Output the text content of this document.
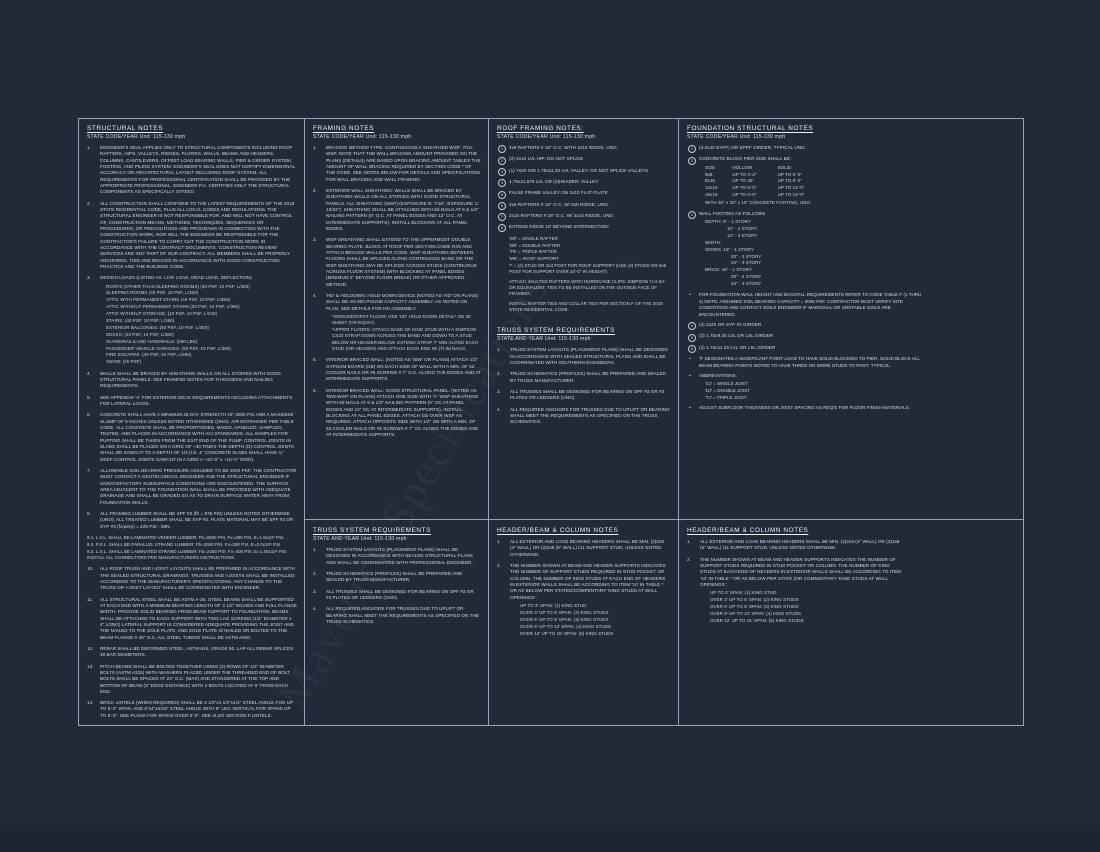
STRUCTURAL NOTES
STATE CODE/YEAR Und: 115-130 mph
ENGINEER'S SEAL APPLIES ONLY TO STRUCTURAL COMPONENTS INCLUDING ROOF RAFTERS, HIPS, VALLEYS, RIDGES, FLOORS, WALLS, BEAMS AND HEADERS, COLUMNS, CANTILEVERS, OFFSET LOAD BEARING WALLS, PIER & GIRDER SYSTEM, FOOTING, AND PILING SYSTEM. ENGINEER'S SEAL DOES NOT CERTIFY DIMENSIONAL ACCURACY OR ARCHITECTURAL LAYOUT INCLUDING ROOF SYSTEM. ALL REQUIREMENTS FOR PROFESSIONAL CERTIFICATION SHALL BE PROVIDED BY THE APPROPRIATE PROFESSIONAL. ENGINEER P.A. CERTIFIES ONLY THE STRUCTURAL COMPONENTS AS SPECIFICALLY STATED.
ALL CONSTRUCTION SHALL CONFORM TO THE LATEST REQUIREMENTS OF THE 2018 STATE RESIDENTIAL CODE, PLUS ALL LOCAL CODES AND REGULATIONS. THE STRUCTURAL ENGINEER IS NOT RESPONSIBLE FOR, AND WILL NOT HAVE CONTROL OF, CONSTRUCTION MEANS, METHODS, TECHNIQUES, SEQUENCES OR PROCEDURES, OR PRECAUTIONS AND PROGRAMS IN CONNECTION WITH THE CONSTRUCTION WORK, NOR WILL THE ENGINEER BE RESPONSIBLE FOR THE CONTRACTOR'S FAILURE TO CARRY OUT THE CONSTRUCTION WORK IN ACCORDANCE WITH THE CONTRACT DOCUMENTS. 'CONSTRUCTION REVIEW' SERVICES ARE NOT PART OF OUR CONTRACT. ALL MEMBERS SHALL BE PROPERLY ANCHORED, TIED AND BRACED IN ACCORDANCE WITH GOOD CONSTRUCTION PRACTICE AND THE BUILDING CODE.
DESIGN LOADS (LISTED AS: LIVE LOAD, DEAD LOAD, DEFLECTION)
ROOFS (OTHER THAN SLEEPING ROOMS) (40 PSF, 10 PSF, L/360)
SLEEPING ROOMS (30 PSF, 10 PSF, L/360)
ATTIC WITH PERMANENT STAIRS (40 PSF, 10 PSF, L/360)
ATTIC WITHOUT PERMANENT STAIRS (20 PSF, 10 PSF, L/360)
ATTIC WITHOUT STORAGE, (10 PSF, 10 PSF, L/240)
STAIRS: (40 PSF, 10 PSF, L/360)
EXTERIOR BALCONIES: (60 PSF, 10 PSF, L/360)
DECKS: (40 PSF, 10 PSF, L/360)
GUARDRAILS AND HANDRAILS: (200 LBS)
PASSENGER VEHICLE GARAGES: (50 PSF, 10 PSF, L/360)
FIRE ESCAPES: (40 PSF, 10 PSF, L/360)
SNOW: (20 PSF)
WALLS SHALL BE BRACED BY SHEATHING WALLS ON ALL STORIES WITH GOOD STRUCTURAL PANELS. SEE FRAMING NOTES FOR THICKNESS AND NAILING REQUIREMENTS.
SEE APPENDIX 'A' FOR EXTERIOR DECK REQUIREMENTS INCLUDING ATTACHMENTS FOR LATERAL LOADS.
CONCRETE SHALL HAVE A MINIMUM 28 DAY STRENGTH OF 3000 PSI AND A MAXIMUM SLUMP OF 5 INCHES UNLESS NOTED OTHERWISE (UNO). AIR ENTRAINED PER TABLE CODE. ALL CONCRETE SHALL BE PROPORTIONED, MIXED, HANDLED, SAMPLED, TESTED, AND PLACED IN ACCORDANCE WITH ACI STANDARDS. ALL SAMPLES FOR PUFFING SHALL BE TAKEN FROM THE EXIT END OF THE PUMP. CONTROL JOINTS IN SLABS SHALL BE PLACED ON A GRID OF ~30 TIMES THE DEPTH (D) CONTROL JOINTS SHALL BE SAWCUT TO A DEPTH OF 1/3 (I.E. 4" CONCRETE SLABS SHALL HAVE ¼" DEEP CONTROL JOINTS SAWCUT IN A GRID A ~10'-0" x ~10'-0" GRID).
ALLOWABLE SOIL BEARING PRESSURE ASSUMED TO BE 2000 PSF. THE CONTRACTOR MUST CONTACT A GEOTECHNICAL ENGINEER AND THE STRUCTURAL ENGINEER IF UNSATISFACTORY SUBSURFACE CONDITIONS ARE ENCOUNTERED. THE SURFACE AREA ADJACENT TO THE FOUNDATION WALL SHALL BE PROVIDED WITH ADEQUATE DRAINAGE AND SHALL BE GRADED SO AS TO DRAIN SURFACE WATER AWAY FROM FOUNDATION WALLS.
ALL FRAMING LUMBER SHALL BE SPF #2 (fb = 875 PSI) UNLESS NOTED OTHERWISE (UNO). ALL TREATED LUMBER SHALL BE SYP #2. PLATE MATERIAL MAY BE SPF #3 OR SYP #3 (fc/perp) = 425 PSI - MIN.
9.1. L.V.L. SHALL BE LAMINATED VENEER LUMBER: Fb=2600 PSI, Fv=285 PSI, E=1.9x10⁶ PSI.
9.2. P.S.L. SHALL BE PARALLEL STRAND LUMBER: Fb=2900 PSI, Fv=290 PSI, E=2.0x10⁶ PSI.
9.3. L.S.L. SHALL BE LAMINATED STRAND LUMBER: Fb=2250 PSI, Fv=400 PSI, E=1.55x10⁶ PSI. INSTALL ALL CONNECTORS PER MANUFACTURERS INSTRUCTIONS.
ALL ROOF TRUSS AND I-JOIST LAYOUTS SHALL BE PREPARED IN ACCORDANCE WITH THE SEALED STRUCTURAL DRAWINGS. TRUSSES AND I-JOISTS SHALL BE INSTALLED ACCORDING TO THE MANUFACTURER'S SPECIFICATIONS. ANY CHANGE TO THE TRUSS OR I-JOIST LAYOUT SHALL BE COORDINATED WITH ENGINEER.
ALL STRUCTURAL STEEL SHALL BE ASTM A-36. STEEL BEAMS SHALL BE SUPPORTED AT EACH END WITH A MINIMUM BEARING LENGTH OF 3 1/2" INCHES AND FULL FLANGE WIDTH. PROVIDE SOLID BEARING FROM BEAM SUPPORT TO FOUNDATION. BEAMS SHALL BE ATTACHED TO EACH SUPPORT WITH TWO LAG SCREWS (1/2" DIAMETER x 4" LONG) LATERAL SUPPORT IS CONSIDERED ADEQUATE PROVIDING THE JOIST AND THE NAILED TO THE SOLE PLATE, AND SOLE PLATE IS NAILED OR BOLTED TO THE BEAM FLANGE # 48" O.C. ALL STEEL TUBING SHALL BE ASTM A500.
REBAR SHALL BE DEFORMED STEEL, ASTM-615, GRADE 60. LAP ALL REBAR SPLICES 30 BAR DIAMETERS.
PITCH BEAMS SHALL BE BOLTED TOGETHER USING (2) ROWS OF 1/2" DIAMETER BOLTS (ASTM A325) WITH WASHERS PLACED UNDER THE THREADED END OF BOLT. BOLTS SHALL BE SPACED AT 24" O.C. (MAX) AND STAGGERED AT THE TOP AND BOTTOM OF BEAM (3" EDGE DISTANCE) WITH 2 BOLTS LOCATED AT 6" FROM EACH END.
BRICK LINTELS (WHEN REQUIRED) SHALL BE 3 1/2"x3 1/2"x1/4" STEEL ANGLE FOR UP TO 6'-0" SPAN, AND 6"x4"x5/16" STEEL ANGLE WITH 6" LEG VERTICAL FOR SPANS UP TO 5'-0". SEE PLANS FOR SPANS OVER 5'-0". SEE ALSO SECTION F.LINTELS.
FRAMING NOTES
STATE CODE/YEAR Und: 115-130 mph
BRACING METHOD TYPE: CONTINUOUSLY SHEATHED WSP: 7/16-WSP. NOTE THAT THE WALL BRACING AMOUNT PROVIDED ON THE PLANS (DETAILS) ARE BASED UPON BRACING AMOUNT TABLES THE AMOUNT OF WALL BRACING REQUIRED BY SECTION CODE * OF THE CODE. SEE NOTES BELOW FOR DETAILS AND SPECIFICATIONS FOR WALL BRACING AND WALL FRAMING.
EXTERIOR WALL SHEATHING: WALLS SHALL BE BRACED BY SHEATHING WALLS ON ALL STORIES WITH GOOD STRUCTURAL PANELS. ALL SHEATHING (WSP) (EXPOSURE B: 7/16", EXPOSURE C: 15/32"). SHEATHING SHALL BE ATTACHED WITH 8d NAILS AT 6 & 1/2" NAILING PATTERN (6" O.C. AT PANEL EDGES AND 12" O.C. AT INTERMEDIATE SUPPORTS). INSTALL BLOCKING AT ALL PANEL EDGES.
WSP SHEATHING SHALL EXTEND TO THE UPPERMOST DOUBLE BEARING PLATE. BLOCK AT ROOF PER SECTION CODE R4S AND ATTACH BRACED WALLS PER CODE. WSP SHEATHING BETWEEN FLOORS SHALL BE SPLICED ALONG CONTINUOUS BAND OR THE WSP SHEATHING MAY BE SPLICED ACROSS STUDS (CONTINUOUS ACROSS FLOOR SYSTEM) WITH BLOCKING AT PANEL EDGES (MINIMUM 2" BEYOND FLOOR BREAK) OR OTHER APPROVED METHOD.
'HD' & HOLDOWN: HOLD-DOWN DEVICE (NOTED AS 'HD' ON PLANS) SHALL BE AN 800 POUND CAPACITY ASSEMBLY. AS NOTED ON PLAN. SEE DETAILS FOR HD ASSEMBLY.
*GROUND/FIRST FLOOR: USE 'HD' HOLD-DOWN DETAIL* ON 30 SHEET (OR EQUIV).
*UPPER FLOORS: ATTACH BASE OF KING STUD WITH A SIMPSON CS22 STRAP DOWN ACROSS THE BAND AND DOWN TO A STUD BELOW OR HEADER BELOW. EXTEND STRAP 7" MIN ALONG EACH STUD (OR HEADER) AND ATTACH EACH END W/ (7) 8d NAILS.
INTERIOR BRACED WALL: (NOTED AS 'IBW' ON PLANS) ATTACH 1/2" GYPSUM BOARD (GB) ON EACH SIDE OF WALL WITH A MIN. OF 5d COOLER NAILS OR #6 SCREWS # 7" O.C. ALONG THE EDGES AND AT INTERMEDIATE SUPPORTS.
INTERIOR BRACED WALL: GOOD STRUCTURAL PANEL: (NOTED AS 'IBW-WSP' ON PLANS) ATTACH ONE SIDE WITH ½" WSP SHEATHING WITH 8d NAILS AT 6 & 1/2" NAILING PATTERN (6" OC AT PANEL EDGES AND 12" OC AT INTERMEDIATE SUPPORTS). INSTALL BLOCKING AT ALL PANEL EDGES. ATTACH GB OVER WSP AS REQUIRED. ATTACH OPPOSITE SIDE WITH 1/2" GB WITH A MIN. OF 5d COOLER NAILS OR #6 SCREWS # 7" OC ALONG THE EDGES AND AT INTERMEDIATE SUPPORTS.
ROOF FRAMING NOTES:
STATE CODE/YEAR Und: 115-130 mph
2x8 RAFTERS # 16" O.C. WITH 2x10 RIDGE, UNO.
(2) 2x10 LVL HIP: DO NOT SPLICE
(1) 7x20 GIR 1.75x11.25 LVL VALLEY: DO NOT SPLICE VALLEYS
1.75x11.875 LVL OR (2)HEADER: VALLEY
FALSE FRAME VALLEY ON 2x10 FLAT PLATE
2x6 RAFTERS # 16" O.C. W/ 2x8 RIDGE, UNO.
2x10 RAFTERS # 16" O.C. W/ 2x12 RIDGE, UNO.
EXTEND RIDGE 10' BEYOND INTERSECTION
'SR' = SINGLE RAFTER
'DR' = DOUBLE RAFTER
'TR' = TRIPLE RAFTER
'MR' = ROOF SUPPORT
** = (2) STUD OR 4x4 POST FOR ROOF SUPPORT (USE (3) STUDS OR 6x6 POST FOR SUPPORT OVER 10'-0" IN HEIGHT)
ATTACH VAULTED RAFTERS WITH HURRICANE CLIPS: SIMPSON 'H-2.5A' OR EQUIVALENT. TIES TO BE INSTALLED ON THE OUTSIDE FACE OF FRAMING.
INSTALL RAFTER TIES AND COLLAR TIES PER SECTION F OF THE 2018 STATE RESIDENTIAL CODE.
TRUSS SYSTEM REQUIREMENTS
STATE AND YEAR Und: 115-130 mph
TRUSS SYSTEM LAYOUTS (PLACEMENT PLANS) SHALL BE DESIGNED IN ACCORDANCE WITH SEALED STRUCTURAL PLANS AND SHALL BE COORDINATED WITH SOUTHERN ENGINEERS.
TRUSS SCHEMATICS (PROFILES) SHALL BE PREPARED AND SEALED BY TRUSS MANUFACTURER.
ALL TRUSSES SHALL BE DESIGNED FOR BEARING ON SPF #2 OR #3 PLATES OR LEDGERS (UNO).
ALL REQUIRED ANCHORS FOR TRUSSES DUE TO UPLIFT OR BEARING SHALL MEET THE REQUIREMENTS AS SPECIFIED ON THE TRUSS SCHEMATICS.
FOUNDATION STRUCTURAL NOTES
STATE CODE/YEAR Und: 115-130 mph
(3.2x40 SYPF) OR SPPF GIRDER, TYPICAL UNO.
CONCRETE BLOCK PIER SIZE SHALL BE:
SIZE	HOLLOW	SOLID
8x8	UP TO 3'-2"	UP TO 5'-0"
8x16	UP TO 32"	UP TO 9'-0"
12x16	UP TO 6'-0"	UP TO 12'-0"
16x16	UP TO 6'-0"	UP TO 12'-0"
WITH 30" x 30" x 10" CONCRETE FOOTING, UNO.
WALL FOOTING AS FOLLOWS
DEPTH: 8" - 1 STORY
10" - 2 STORY
12" - 3 STORY
WIDTH:
SIDING: 16" - 1 STORY
20" - 2 STORY
24" - 3 STORY
BRICK: 16" - 1 STORY
20" - 2 STORY
24" - 3 STORY
• FOR FOUNDATION WALL HEIGHT AND BACKFILL REQUIREMENTS REFER TO CODE TABLE F (1 THRU 4) NOTE: ASSUMED SOIL BEARING CAPACITY = 2000 PSF. CONTRACTOR MUST VERIFY SITE CONDITIONS AND CONTACT SOILS ENGINEER IF MARGINAL OR UNSTABLE SOILS ARE ENCOUNTERED.
(4) 2x20 OR SYP #2 GIRDER
(2) 1.75x9.25 LVL OR LSL GIRDER
(2) 1.75x11.25 LVL OR LSL GIRDER
• '#' DESIGNATES A SIGNIFICANT POINT LOAD TO HAVE SOLID BLOCKING TO PIER. SOLID BLOCK ALL BEAM BEARING POINTS NOTED TO HAVE THREE OR MORE STUDS TO POST, TYPICAL.
• ABBREVIATIONS:
'SJ' = SINGLE JOIST
'DJ' = DOUBLE JOIST
'TJ' = TRIPLE JOIST
• ADJUST SUBFLOOR THICKNESS OR JOIST SPACING AS REQ'D FOR FLOOR FINISH MATERIALS.
TRUSS SYSTEM REQUIREMENTS
STATE AND YEAR Und: 115-130 mph
TRUSS SYSTEM LAYOUTS (PLACEMENT PLANS) SHALL BE DESIGNED IN ACCORDANCE WITH SEALED STRUCTURAL PLANS AND SHALL BE COORDINATED WITH PROFESSIONAL ENGINEER.
TRUSS SCHEMATICS (PROFILES) SHALL BE PREPARED AND SEALED BY TRUSS MANUFACTURER.
ALL TRUSSES SHALL BE DESIGNED FOR BEARING ON SPF #2 OR #3 PLATES OR LEDGERS (UNO).
ALL REQUIRED ANCHORS FOR TRUSSES DUE TO UPLIFT OR BEARING SHALL MEET THE REQUIREMENTS AS SPECIFIED ON THE TRUSS SCHEMATICS.
HEADER/BEAM & COLUMN NOTES
ALL EXTERIOR AND LOAD BEARING HEADERS SHALL BE MIN. (2)2x8 (4" WALL) OR (3)2x8 (6" WALL) (11 SUPPORT STUD, UNLESS NOTED OTHERWISE.
THE NUMBER SHOWN AT BEAM AND HEADER SUPPORTS INDICATES THE NUMBER OF SUPPORT STUDS REQUIRED IN STUD POCKET OR COLUMN. THE NUMBER OF KING STUDS AT EACH END OF HEADERS IN EXTERIOR WALLS SHALL BE ACCORDING TO ITEM '10' IN TABLE * OR AS BELOW PER STATED/COMPENTARY 'KING STUDS AT WALL OPENINGS':
UP TO 3' SPAN: (1) KING STUD
OVER 3' UP TO 6' SPAN: (2) KING STUDS
OVER 6' UP TO 9' SPAN: (3) KING STUDS
OVER 9' UP TO 12' SPAN: (4) KING STUDS
OVER 12' UP TO 15' SPAN: (5) KING STUDS
HEADER/BEAM & COLUMN NOTES
ALL EXTERIOR AND LOAD BEARING HEADERS SHALL BE MIN. (2)2x8 (4" WALL) OR (3)2x8 (6" WALL) (11 SUPPORT STUD, UNLESS NOTED OTHERWISE.
THE NUMBER SHOWN AT BEAM AND HEADER SUPPORTS INDICATES THE NUMBER OF SUPPORT STUDS REQUIRED IN STUD POCKET OR COLUMN. THE NUMBER OF KING STUDS AT EACH END OF HEADERS IN EXTERIOR WALLS SHALL BE ACCORDING TO ITEM '10' IN TABLE * OR AS BELOW PER STATE (OR COMMENTARY 'KING STUDS AT WALL OPENINGS':
UP TO 3' SPAN: (1) KING STUD
OVER 3' UP TO 6' SPAN: (2) KING STUDS
OVER 6' UP TO 9' SPAN: (3) KING STUDS
OVER 9' UP TO 12' SPAN: (4) KING STUDS
OVER 12' UP TO 15' SPAN: (5) KING STUDS
